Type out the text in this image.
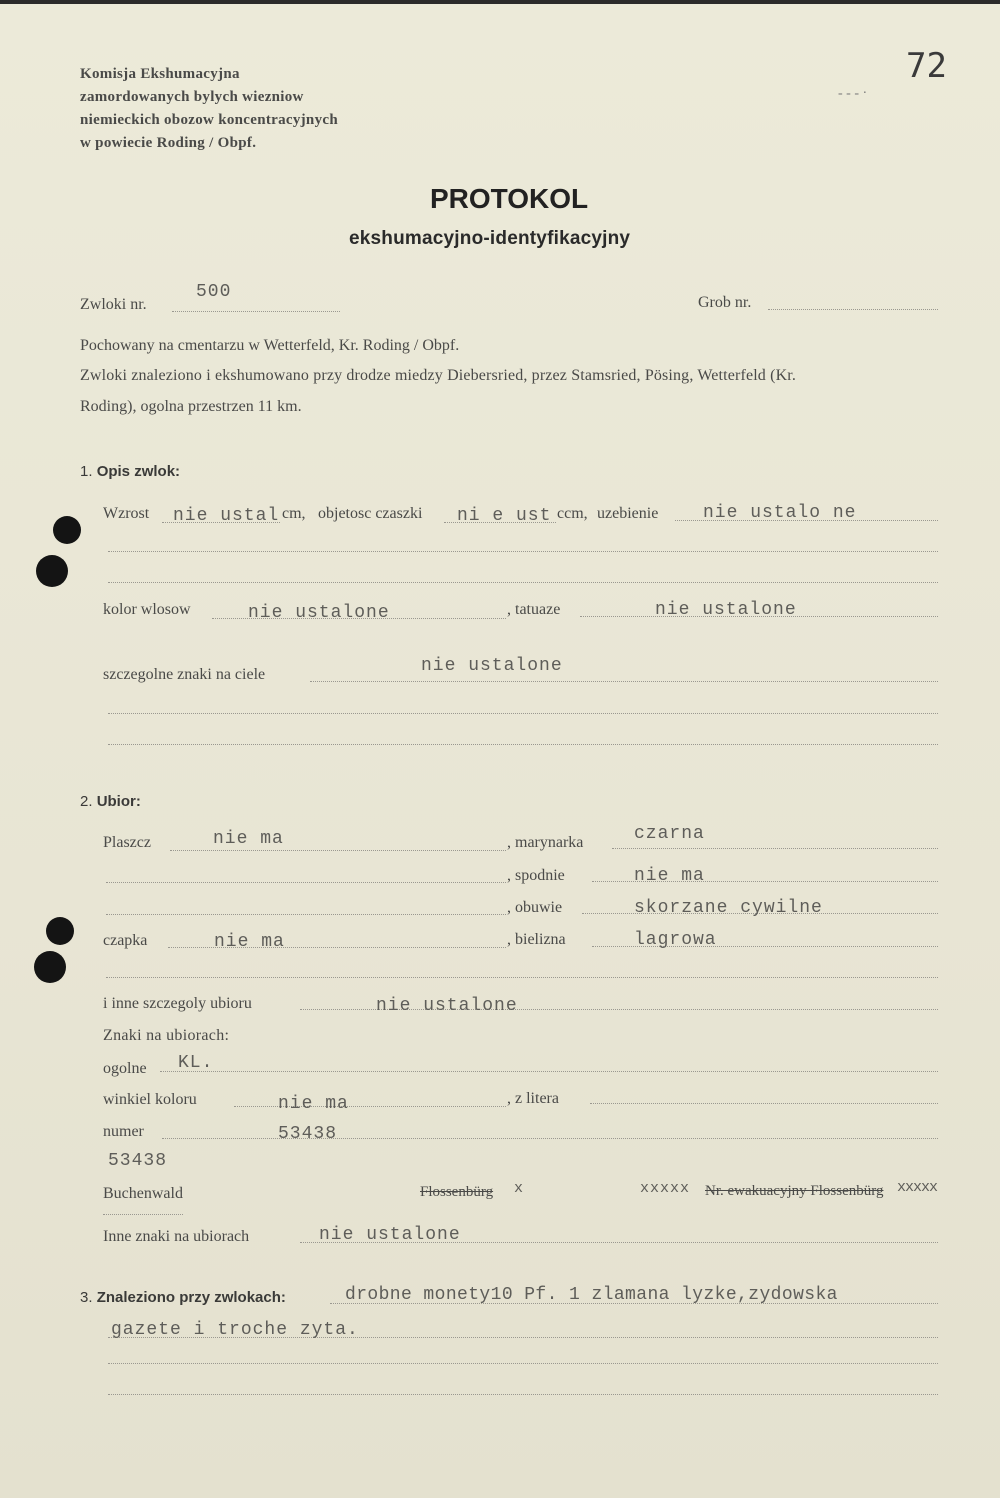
Komisja Ekshumacyjna
zamordowanych bylych wiezniow
niemieckich obozow koncentracyjnych
w powiecie Roding / Obpf.
72
- - - ·
PROTOKOL
ekshumacyjno-identyfikacyjny
Zwloki nr.
500
Grob nr.
Pochowany na cmentarzu w Wetterfeld, Kr. Roding / Obpf.
Zwloki znaleziono i ekshumowano przy drodze miedzy Diebersried, przez Stamsried, Pösing, Wetterfeld (Kr.
Roding), ogolna przestrzen 11 km.
1. Opis zwlok:
Wzrost nie ustal cm, objetosc czaszki ni e ust ccm, uzebienie nie ustalo ne
kolor wlosow	nie ustalone	, tatuaze	nie ustalone
szczegolne znaki na ciele	nie ustalone
2. Ubior:
Plaszcz	nie ma	, marynarka	czarna
, spodnie	nie ma
, obuwie	skorzane cywilne
czapka	nie ma	, bielizna	lagrowa
i inne szczegoly ubioru	nie ustalone
Znaki na ubiorach:
ogolne KL.
winkiel koloru	nie ma	, z litera
numer	53438
53438
Buchenwald	Flossenbürg x	xxxxx Nr. ewakuacyjny Flossenbürg xxxxx
Inne znaki na ubiorach	nie ustalone
3. Znaleziono przy zwlokach:	drobne monety10 Pf. 1 zlamana lyzke,zydowska
gazete i troche zyta.
